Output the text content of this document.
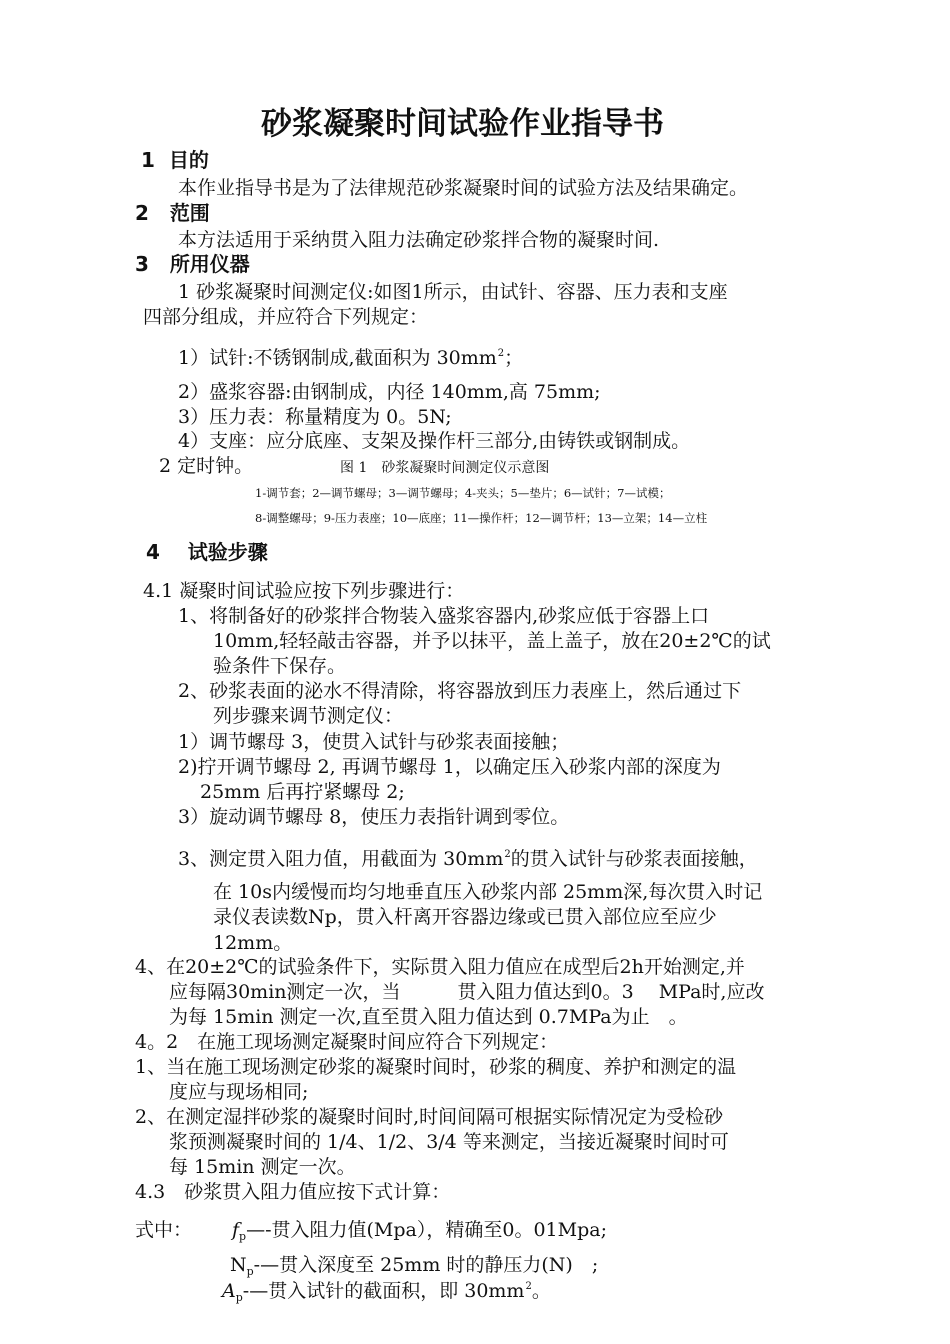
砂浆凝聚时间试验作业指导书
1 目的
本作业指导书是为了法律规范砂浆凝聚时间的试验方法及结果确定。
2 范围
本方法适用于采纳贯入阻力法确定砂浆拌合物的凝聚时间.
3 所用仪器
1 砂浆凝聚时间测定仪:如图1所示，由试针、容器、压力表和支座
四部分组成，并应符合下列规定：
1）试针:不锈钢制成,截面积为 $30mm^2$；
2）盛浆容器:由钢制成，内径 140mm,高 75mm;
3）压力表：称量精度为 0。5N;
4）支座：应分底座、支架及操作杆三部分,由铸铁或钢制成。
2 定时钟。	图 1　砂浆凝聚时间测定仪示意图
1-调节套；2—调节螺母；3—调节螺母；4-夹头；5—垫片；6—试针；7—试模；
8-调整螺母；9-压力表座；10—底座；11—操作杆；12—调节杆；13—立架；14—立柱
4 试验步骤
4.1 凝聚时间试验应按下列步骤进行：
1、将制备好的砂浆拌合物装入盛浆容器内,砂浆应低于容器上口
10mm,轻轻敲击容器，并予以抹平，盖上盖子，放在20±2℃的试
验条件下保存。
2、砂浆表面的泌水不得清除，将容器放到压力表座上，然后通过下
列步骤来调节测定仪：
1）调节螺母 3，使贯入试针与砂浆表面接触；
2)拧开调节螺母 2, 再调节螺母 1，以确定压入砂浆内部的深度为
25mm 后再拧紧螺母 2;
3）旋动调节螺母 8，使压力表指针调到零位。
3、测定贯入阻力值，用截面为 $30mm^2$的贯入试针与砂浆表面接触，
在 10s内缓慢而均匀地垂直压入砂浆内部 25mm深,每次贯入时记
录仪表读数Np，贯入杆离开容器边缘或已贯入部位应至应少
12mm。
4、在20±2℃的试验条件下，实际贯入阻力值应在成型后2h开始测定,并
应每隔30min测定一次，当　　　贯入阻力值达到0。3　 MPa时,应改
为每 15min 测定一次,直至贯入阻力值达到 0.7MPa为止　。
4。2　在施工现场测定凝聚时间应符合下列规定：
1、当在施工现场测定砂浆的凝聚时间时，砂浆的稠度、养护和测定的温
度应与现场相同;
2、在测定湿拌砂浆的凝聚时间时,时间间隔可根据实际情况定为受检砂
浆预测凝聚时间的 1/4、1/2、3/4 等来测定，当接近凝聚时间时可
每 15min 测定一次。
4.3　砂浆贯入阻力值应按下式计算：
式中： $f_p—-$贯入阻力值(Mpa），精确至0。01Mpa;
$N_p-—$贯入深度至 25mm 时的静压力(N)　;
$A_p-—$贯入试针的截面积，即 $30mm^2$。
